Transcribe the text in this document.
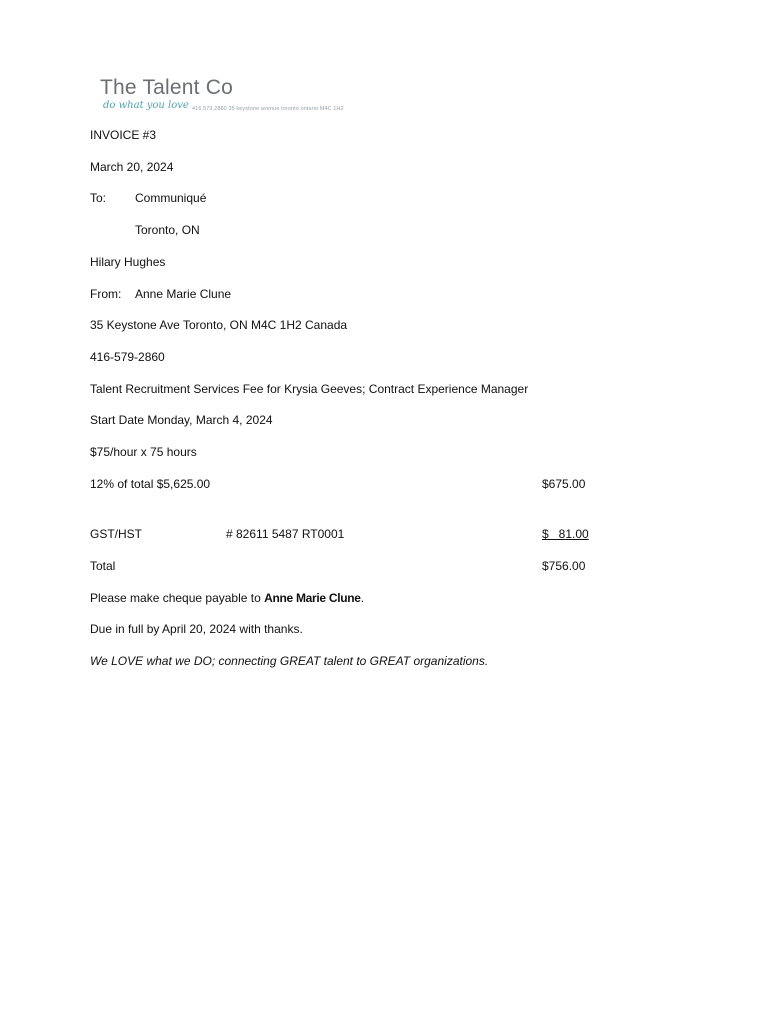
The Talent Co
do what you love 416.579.2860 35 keystone avenue toronto ontario M4C 1H2
INVOICE #3
March 20, 2024
To: Communiqué
Toronto, ON
Hilary Hughes
From: Anne Marie Clune
35 Keystone Ave Toronto, ON M4C 1H2 Canada
416-579-2860
Talent Recruitment Services Fee for Krysia Geeves; Contract Experience Manager
Start Date Monday, March 4, 2024
$75/hour x 75 hours
12% of total $5,625.00	$675.00
GST/HST	# 82611 5487 RT0001	$   81.00
Total	$756.00
Please make cheque payable to Anne Marie Clune.
Due in full by April 20, 2024 with thanks.
We LOVE what we DO; connecting GREAT talent to GREAT organizations.
